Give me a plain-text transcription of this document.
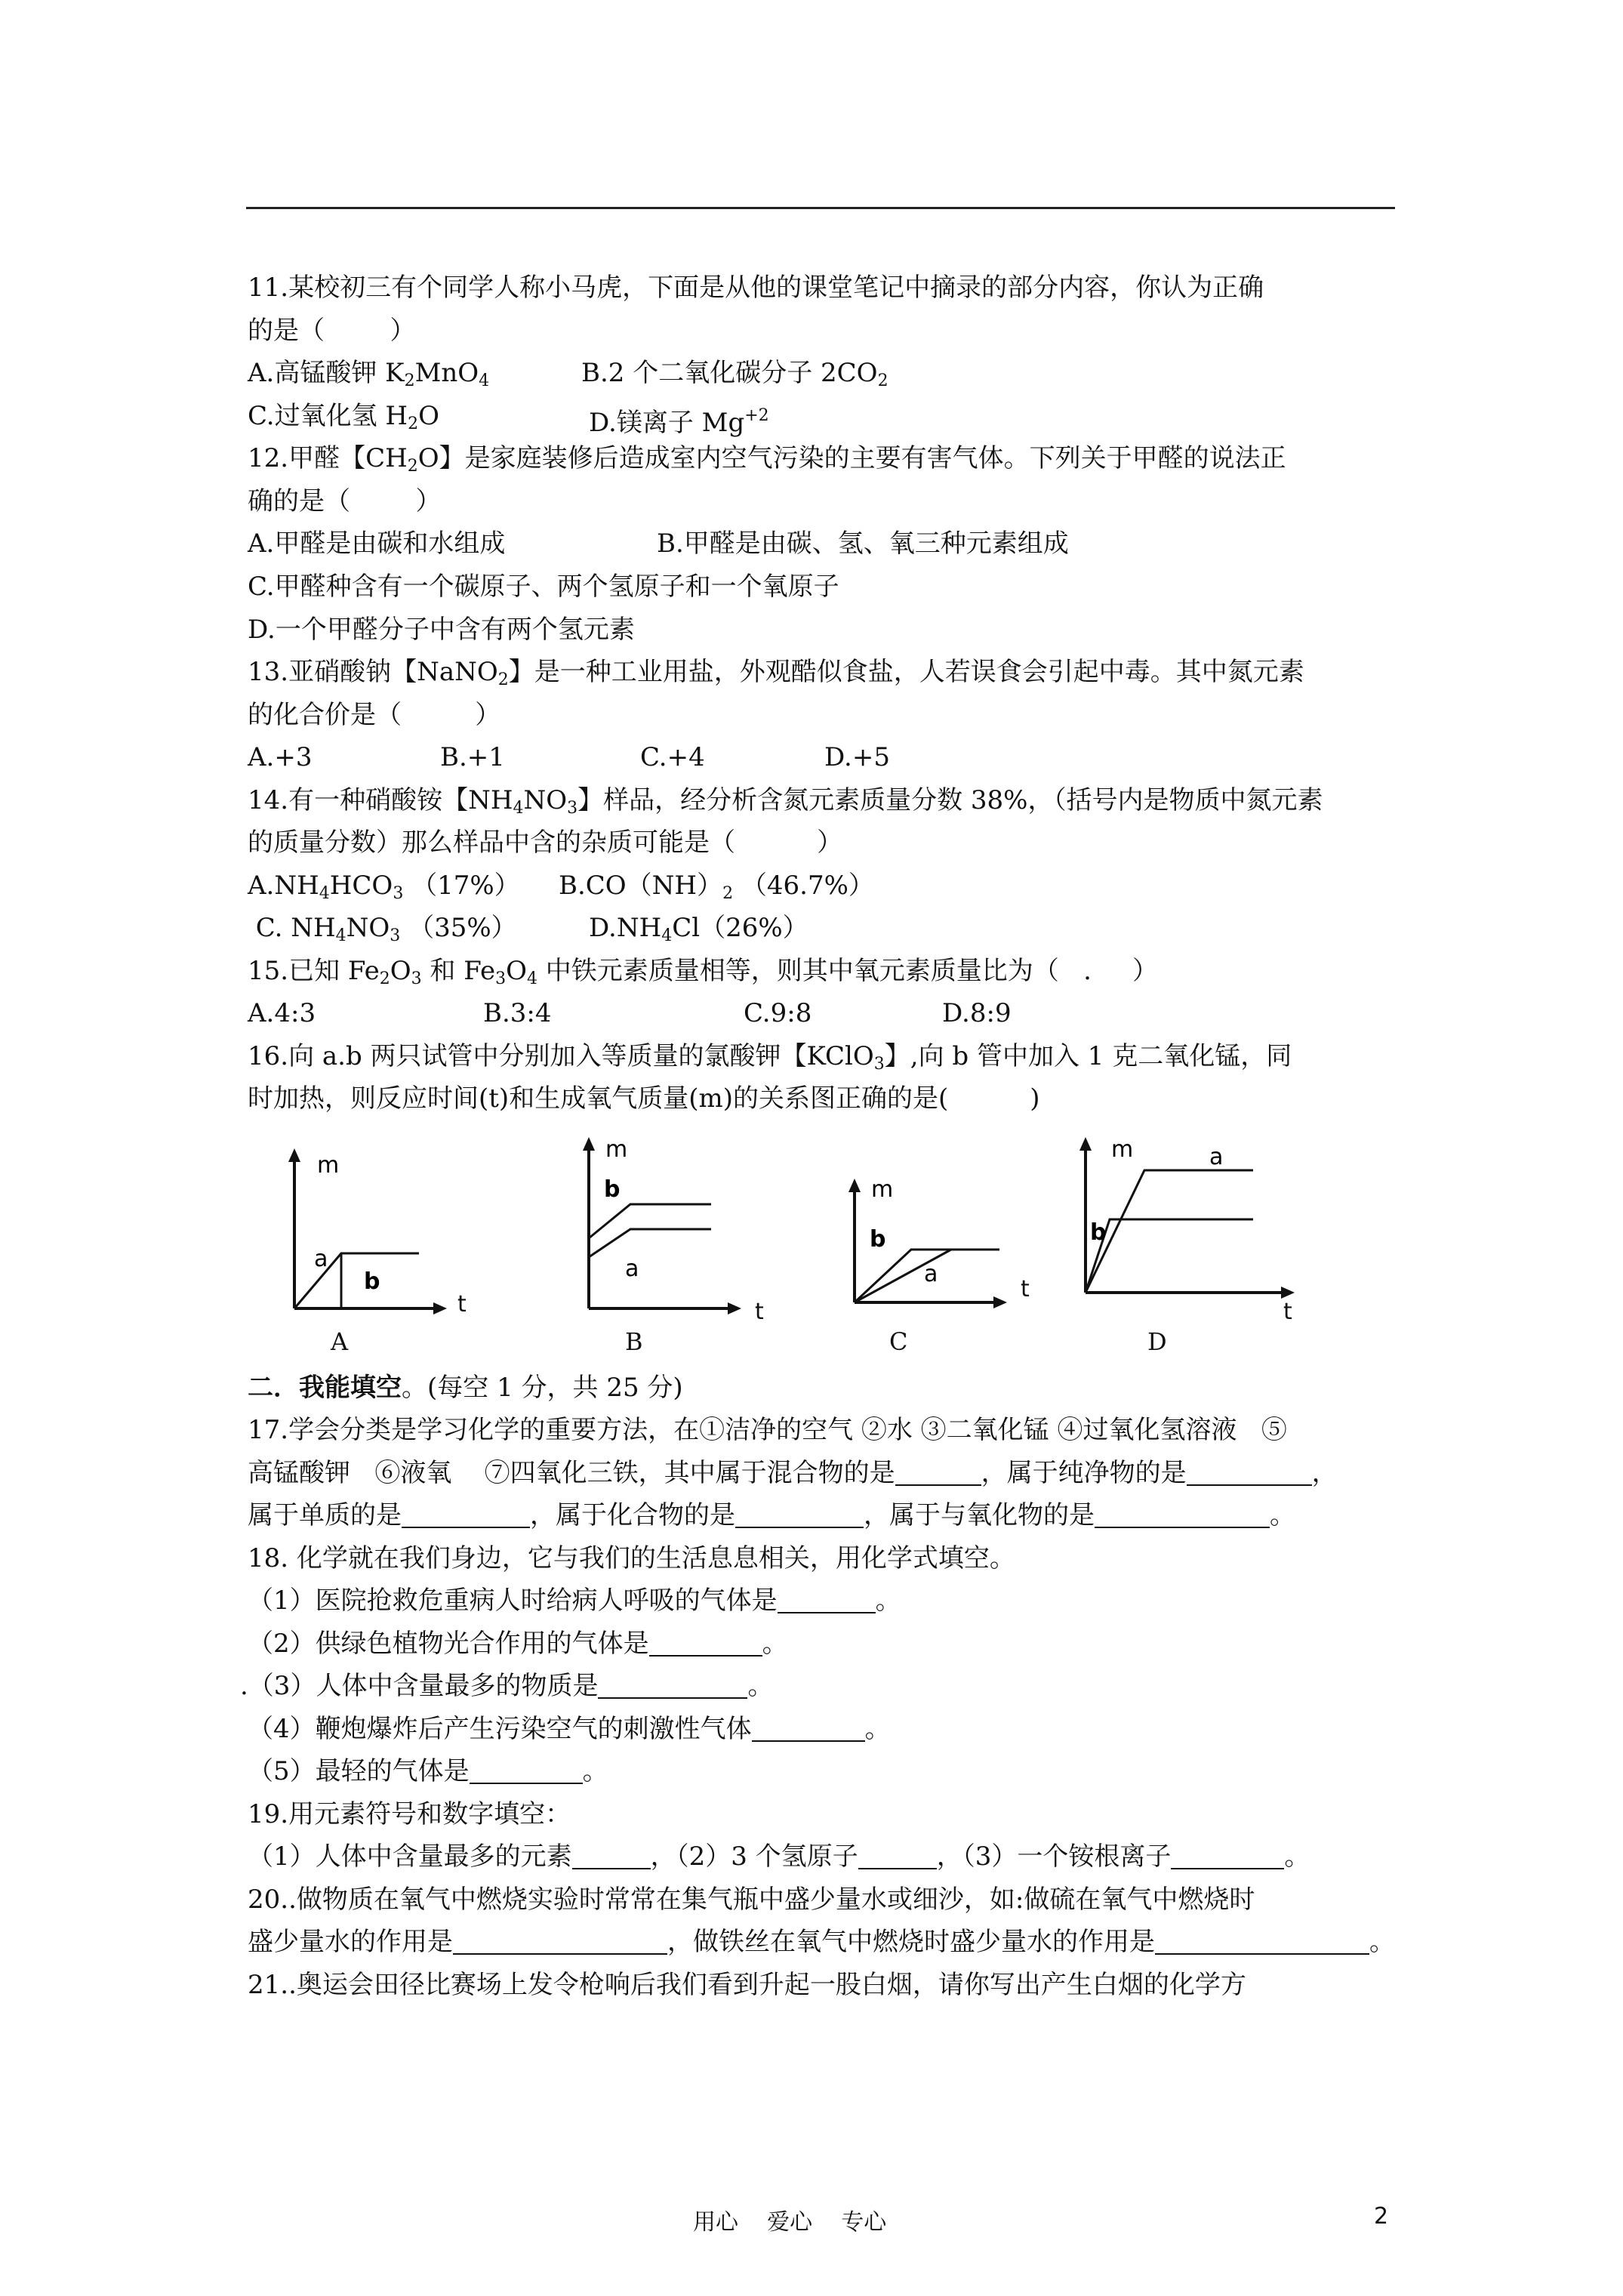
11.某校初三有个同学人称小马虎，下面是从他的课堂笔记中摘录的部分内容，你认为正确
的是（        ）
A.高锰酸钾 $K_2MnO_4$	B.2 个二氧化碳分子 $2CO_2$
C.过氧化氢 $H_2O$	D.镁离子 $Mg^{+2}$
12.甲醛【$CH_2O$】是家庭装修后造成室内空气污染的主要有害气体。下列关于甲醛的说法正
确的是（        ）
A.甲醛是由碳和水组成	B.甲醛是由碳、氢、氧三种元素组成
C.甲醛种含有一个碳原子、两个氢原子和一个氧原子
D.一个甲醛分子中含有两个氢元素
13.亚硝酸钠【NaNO$_2$】是一种工业用盐，外观酷似食盐，人若误食会引起中毒。其中氮元素
的化合价是（         ）
A.+3	B.+1	C.+4	D.+5
14.有一种硝酸铵【$NH_4NO_3$】样品，经分析含氮元素质量分数 38%，（括号内是物质中氮元素
的质量分数）那么样品中含的杂质可能是（          ）
$A.NH_4HCO_3$ （17%） $B.CO(NH)_2$ （46.7%）
C. $NH_4NO_3$ （35%）	$D.NH_4Cl(26\%)$
15.已知 $Fe_2O_3$ 和 $Fe_3O_4$ 中铁元素质量相等，则其中氧元素质量比为（   .     ）
A.4:3	B.3:4	C.9:8	D.8:9
16.向 a.b 两只试管中分别加入等质量的氯酸钾【KClO$_3$】,向 b 管中加入 1 克二氧化锰，同
时加热，则反应时间(t)和生成氧气质量(m)的关系图正确的是(          )
m
a
b
A
t
m
b
a
t
B
m
b
a
t
C
m	a
b
t
D
二．我能填空。(每空 1 分，共 25 分)
17.学会分类是学习化学的重要方法，在①洁净的空气 ②水 ③二氧化锰 ④过氧化氢溶液   ⑤
高锰酸钾   ⑥液氧    ⑦四氧化三铁，其中属于混合物的是	，属于纯净物的是	，
属于单质的是	，属于化合物的是	，属于与氧化物的是	。
18. 化学就在我们身边，它与我们的生活息息相关，用化学式填空。
（1）医院抢救危重病人时给病人呼吸的气体是	。
（2）供绿色植物光合作用的气体是	。
.（3）人体中含量最多的物质是	。
（4）鞭炮爆炸后产生污染空气的刺激性气体	。
（5）最轻的气体是	。
19.用元素符号和数字填空：
（1）人体中含量最多的元素	，（2）3 个氢原子	，（3）一个铵根离子	。
20..做物质在氧气中燃烧实验时常常在集气瓶中盛少量水或细沙，如:做硫在氧气中燃烧时
盛少量水的作用是	，做铁丝在氧气中燃烧时盛少量水的作用是	。
21..奥运会田径比赛场上发令枪响后我们看到升起一股白烟，请你写出产生白烟的化学方
用心    爱心    专心	2
